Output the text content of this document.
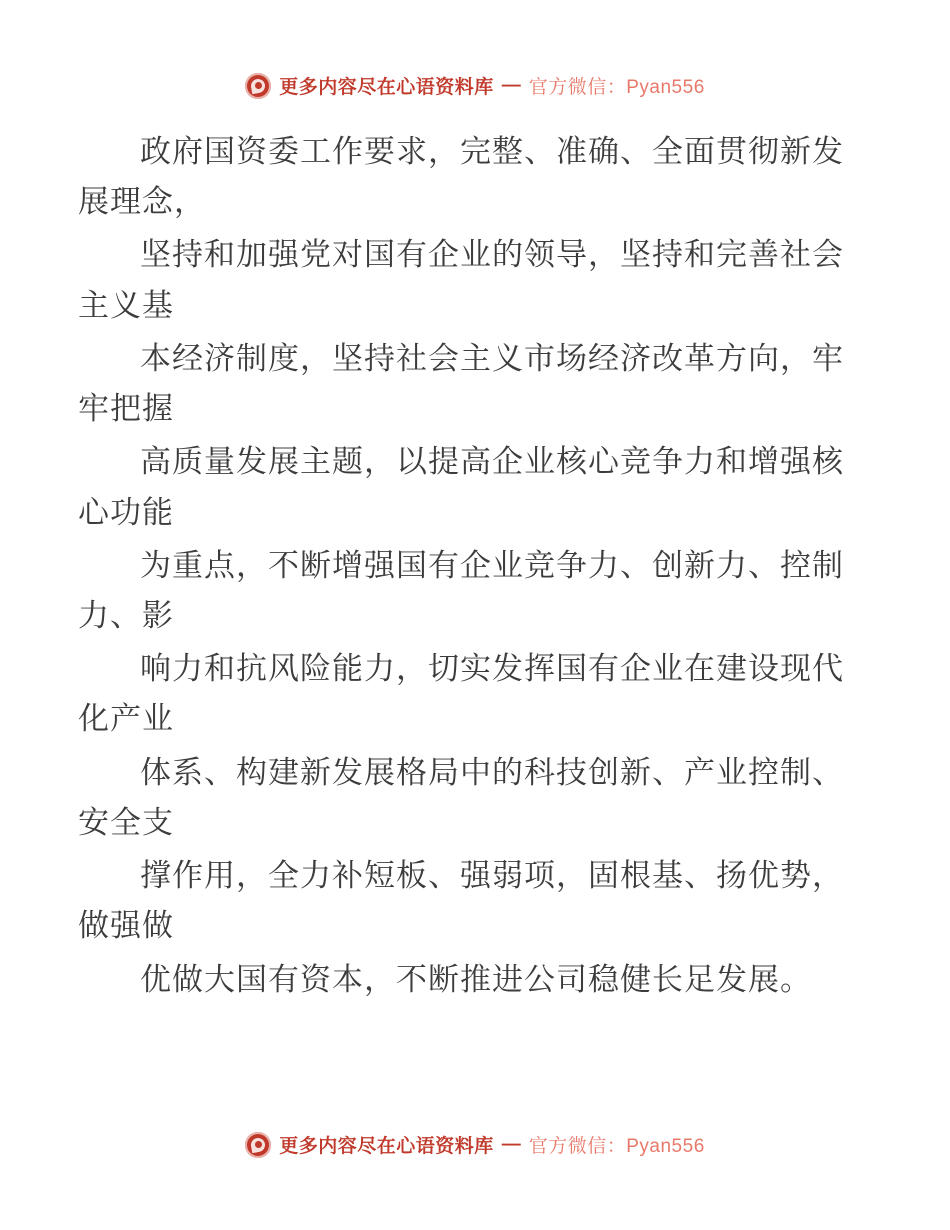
更多内容尽在心语资料库 — 官方微信：Pyan556

政府国资委工作要求，完整、准确、全面贯彻新发展理念，

坚持和加强党对国有企业的领导，坚持和完善社会主义基

本经济制度，坚持社会主义市场经济改革方向，牢牢把握

高质量发展主题，以提高企业核心竞争力和增强核心功能

为重点，不断增强国有企业竞争力、创新力、控制力、影

响力和抗风险能力，切实发挥国有企业在建设现代化产业

体系、构建新发展格局中的科技创新、产业控制、安全支

撑作用，全力补短板、强弱项，固根基、扬优势，做强做

优做大国有资本，不断推进公司稳健长足发展。

更多内容尽在心语资料库 — 官方微信：Pyan556
